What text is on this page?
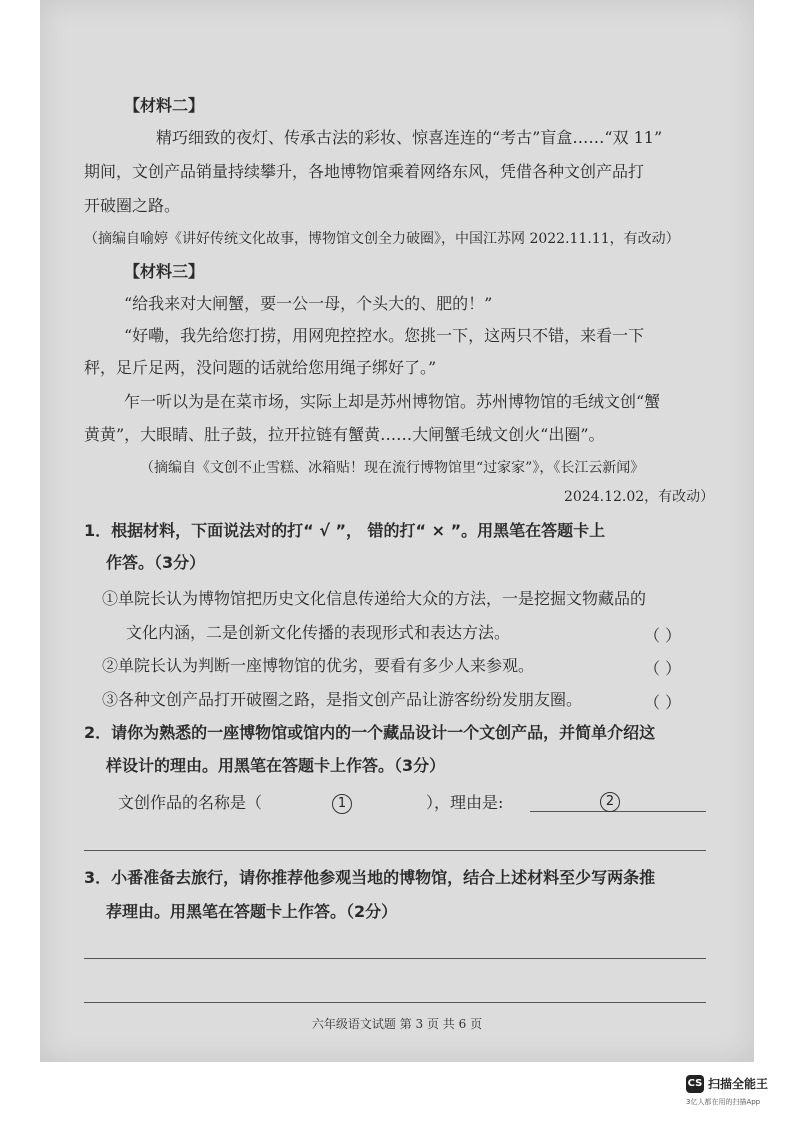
【材料二】
精巧细致的夜灯、传承古法的彩妆、惊喜连连的“考古”盲盒……“双 11”
期间，文创产品销量持续攀升，各地博物馆乘着网络东风，凭借各种文创产品打
开破圈之路。
（摘编自喻婷《讲好传统文化故事，博物馆文创全力破圈》，中国江苏网 2022.11.11，有改动）
【材料三】
“给我来对大闸蟹，要一公一母，个头大的、肥的！”
“好嘞，我先给您打捞，用网兜控控水。您挑一下，这两只不错，来看一下
秤，足斤足两，没问题的话就给您用绳子绑好了。”
乍一听以为是在菜市场，实际上却是苏州博物馆。苏州博物馆的毛绒文创“蟹
黄黄”，大眼睛、肚子鼓，拉开拉链有蟹黄……大闸蟹毛绒文创火“出圈”。
（摘编自《文创不止雪糕、冰箱贴！现在流行博物馆里“过家家”》，《长江云新闻》
2024.12.02，有改动）
1．根据材料，下面说法对的打“ √ ”， 错的打“ × ”。用黑笔在答题卡上
作答。（3分）
①单院长认为博物馆把历史文化信息传递给大众的方法，一是挖掘文物藏品的
文化内涵，二是创新文化传播的表现形式和表达方法。	（ ）
②单院长认为判断一座博物馆的优劣，要看有多少人来参观。	（ ）
③各种文创产品打开破圈之路，是指文创产品让游客纷纷发朋友圈。	（ ）
2．请你为熟悉的一座博物馆或馆内的一个藏品设计一个文创产品，并简单介绍这
样设计的理由。用黑笔在答题卡上作答。（3分）
文创作品的名称是（	1	），理由是:	2
3．小番准备去旅行，请你推荐他参观当地的博物馆，结合上述材料至少写两条推
荐理由。用黑笔在答题卡上作答。（2分）
六年级语文试题 第 3 页 共 6 页
CS 扫描全能王
3亿人都在用的扫描App
